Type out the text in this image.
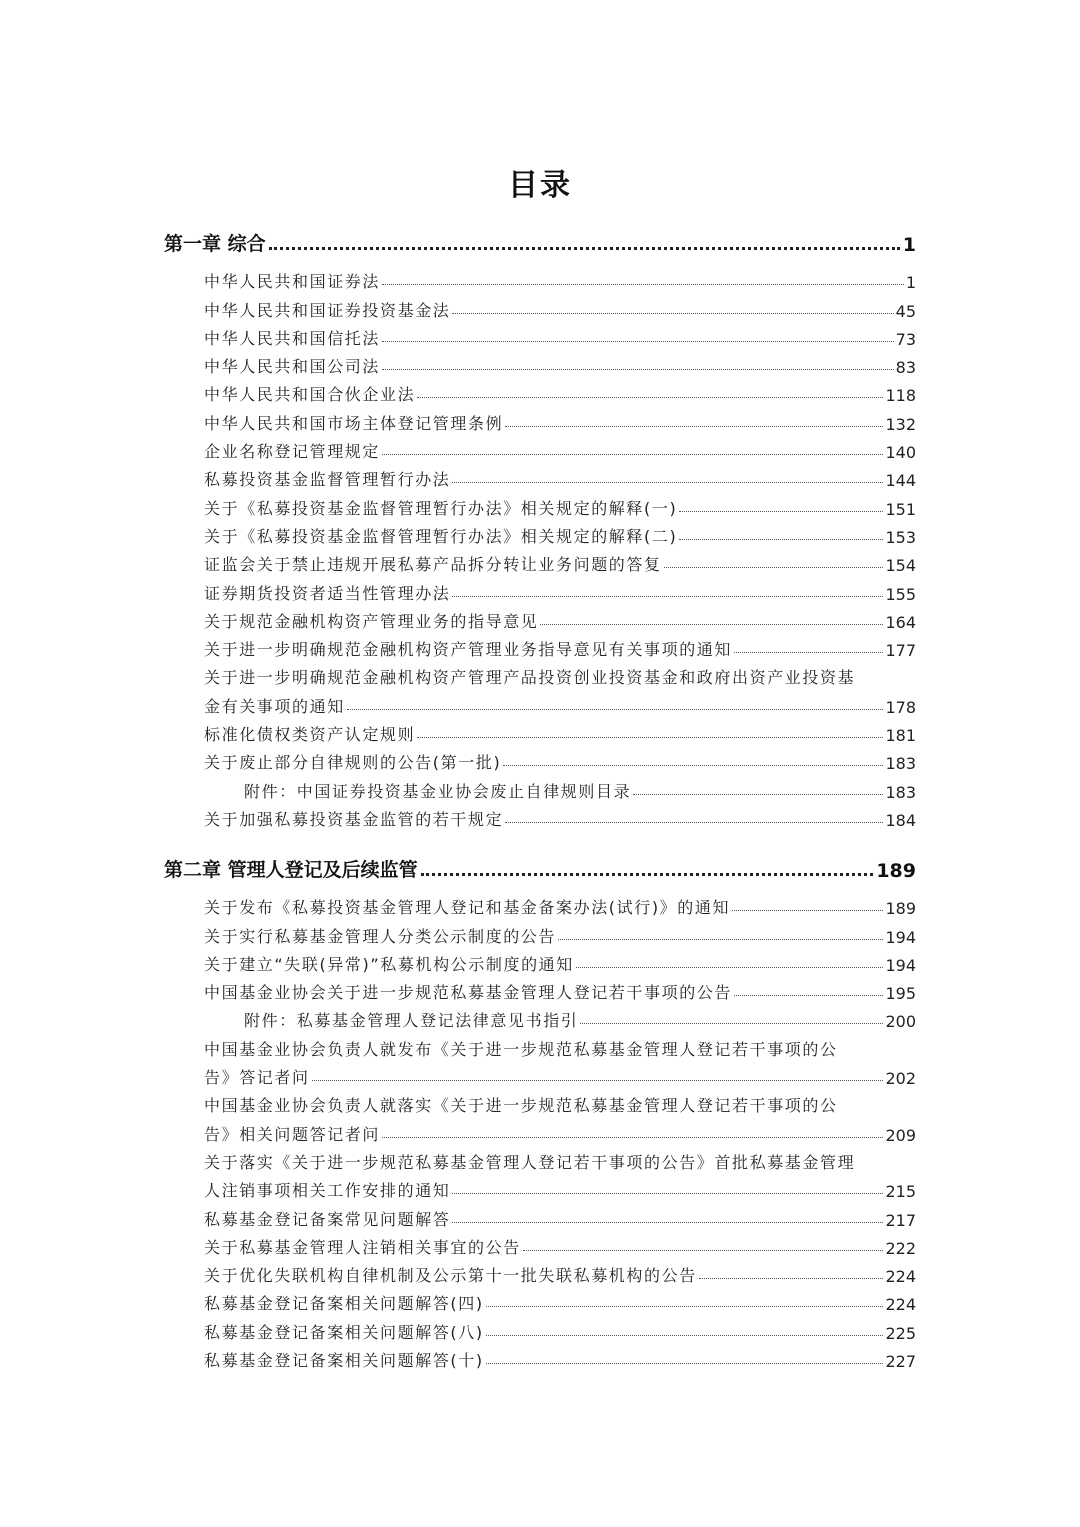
目录
第一章 综合	1
中华人民共和国证券法	1
中华人民共和国证券投资基金法	45
中华人民共和国信托法	73
中华人民共和国公司法	83
中华人民共和国合伙企业法	118
中华人民共和国市场主体登记管理条例	132
企业名称登记管理规定	140
私募投资基金监督管理暂行办法	144
关于《私募投资基金监督管理暂行办法》相关规定的解释(一)	151
关于《私募投资基金监督管理暂行办法》相关规定的解释(二)	153
证监会关于禁止违规开展私募产品拆分转让业务问题的答复	154
证券期货投资者适当性管理办法	155
关于规范金融机构资产管理业务的指导意见	164
关于进一步明确规范金融机构资产管理业务指导意见有关事项的通知	177
关于进一步明确规范金融机构资产管理产品投资创业投资基金和政府出资产业投资基
金有关事项的通知	178
标准化债权类资产认定规则	181
关于废止部分自律规则的公告(第一批)	183
附件：中国证券投资基金业协会废止自律规则目录	183
关于加强私募投资基金监管的若干规定	184
第二章 管理人登记及后续监管	189
关于发布《私募投资基金管理人登记和基金备案办法(试行)》的通知	189
关于实行私募基金管理人分类公示制度的公告	194
关于建立“失联(异常)”私募机构公示制度的通知	194
中国基金业协会关于进一步规范私募基金管理人登记若干事项的公告	195
附件：私募基金管理人登记法律意见书指引	200
中国基金业协会负责人就发布《关于进一步规范私募基金管理人登记若干事项的公
告》答记者问	202
中国基金业协会负责人就落实《关于进一步规范私募基金管理人登记若干事项的公
告》相关问题答记者问	209
关于落实《关于进一步规范私募基金管理人登记若干事项的公告》首批私募基金管理
人注销事项相关工作安排的通知	215
私募基金登记备案常见问题解答	217
关于私募基金管理人注销相关事宜的公告	222
关于优化失联机构自律机制及公示第十一批失联私募机构的公告	224
私募基金登记备案相关问题解答(四)	224
私募基金登记备案相关问题解答(八)	225
私募基金登记备案相关问题解答(十)	227
